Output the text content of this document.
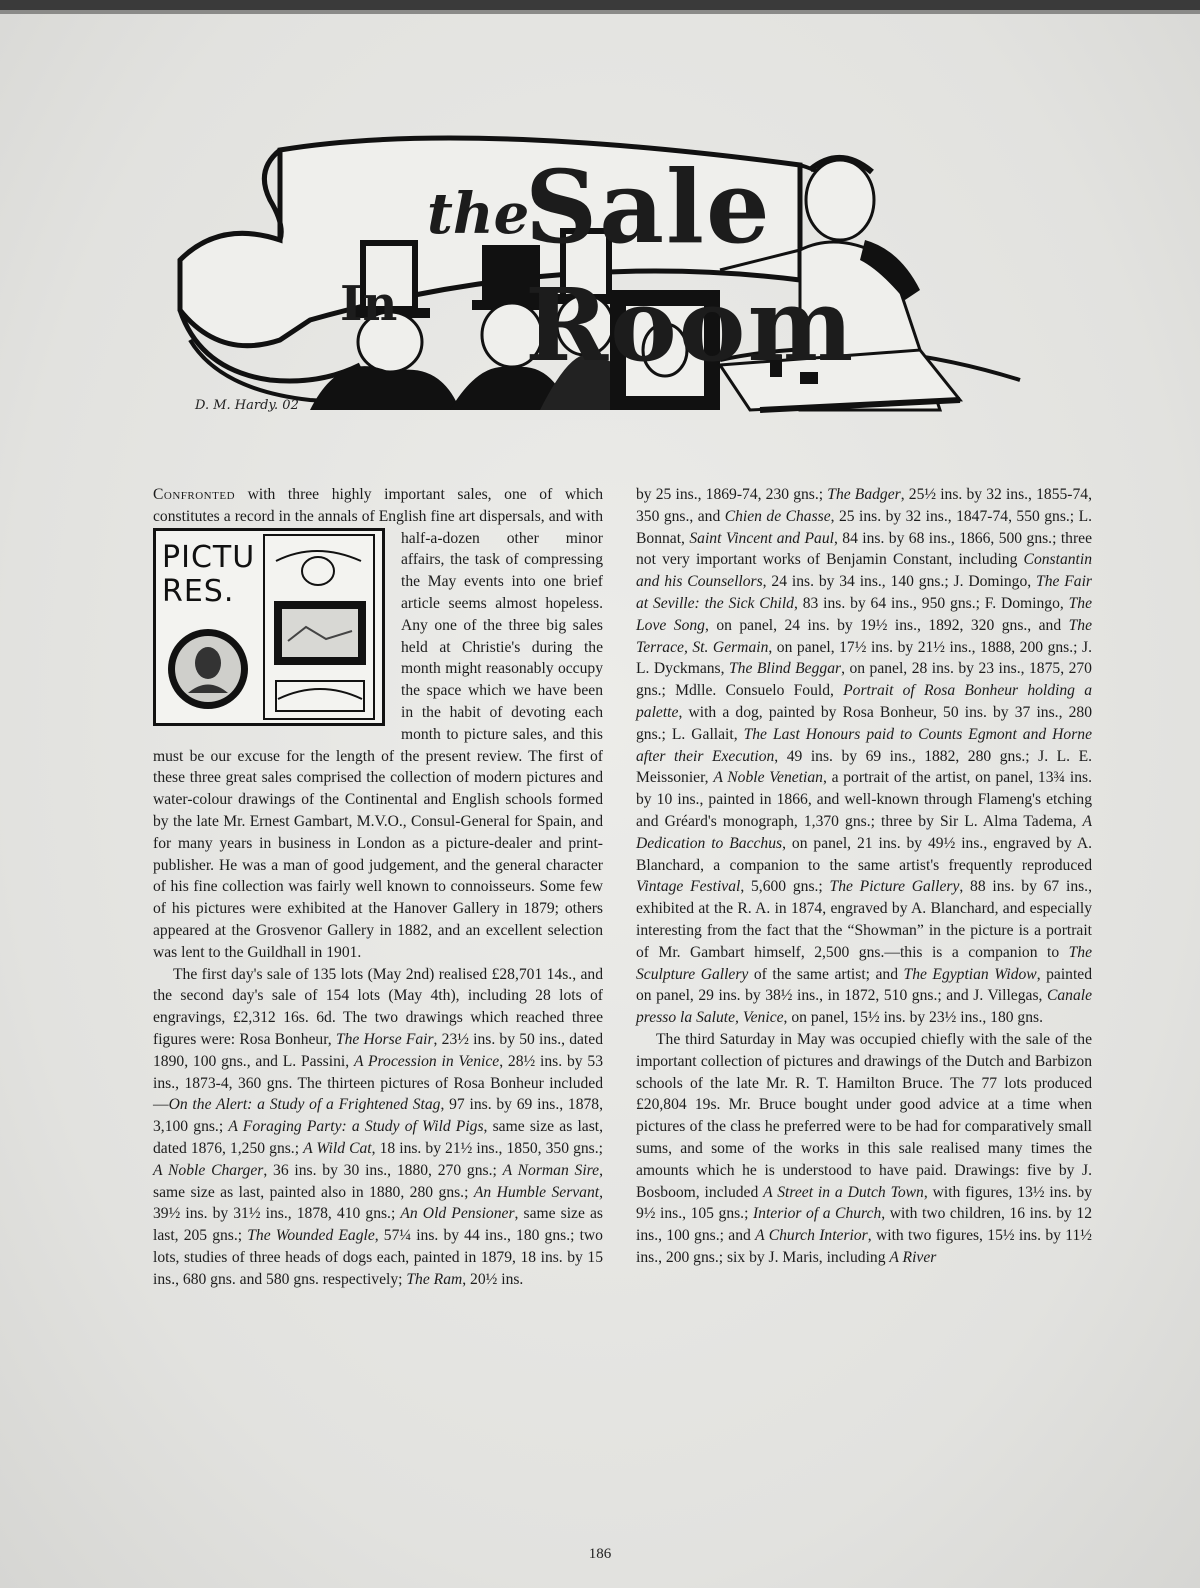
In
the
Sale Room
D. M. Hardy. 02

Confronted with three highly important sales, one of which constitutes a record in the annals of English
PICTU
RES.
fine art dispersals, and with half-a-dozen other minor affairs, the task of compressing the May events into one brief article seems almost hopeless. Any one of the three big sales held at Christie's during the month might reasonably occupy the space which we have been in the habit of devoting each month to picture sales, and this must be our excuse for the length of the present review. The first of these three great sales comprised the collection of modern pictures and water-colour drawings of the Continental and English schools formed by the late Mr. Ernest Gambart, M.V.O., Consul-General for Spain, and for many years in business in London as a picture-dealer and print-publisher. He was a man of good judgement, and the general character of his fine collection was fairly well known to connoisseurs. Some few of his pictures were exhibited at the Hanover Gallery in 1879; others appeared at the Grosvenor Gallery in 1882, and an excellent selection was lent to the Guildhall in 1901.

The first day's sale of 135 lots (May 2nd) realised £28,701 14s., and the second day's sale of 154 lots (May 4th), including 28 lots of engravings, £2,312 16s. 6d. The two drawings which reached three figures were: Rosa Bonheur, The Horse Fair, 23½ ins. by 50 ins., dated 1890, 100 gns., and L. Passini, A Procession in Venice, 28½ ins. by 53 ins., 1873-4, 360 gns. The thirteen pictures of Rosa Bonheur included—On the Alert: a Study of a Frightened Stag, 97 ins. by 69 ins., 1878, 3,100 gns.; A Foraging Party: a Study of Wild Pigs, same size as last, dated 1876, 1,250 gns.; A Wild Cat, 18 ins. by 21½ ins., 1850, 350 gns.; A Noble Charger, 36 ins. by 30 ins., 1880, 270 gns.; A Norman Sire, same size as last, painted also in 1880, 280 gns.; An Humble Servant, 39½ ins. by 31½ ins., 1878, 410 gns.; An Old Pensioner, same size as last, 205 gns.; The Wounded Eagle, 57¼ ins. by 44 ins., 180 gns.; two lots, studies of three heads of dogs each, painted in 1879, 18 ins. by 15 ins., 680 gns. and 580 gns. respectively; The Ram, 20½ ins.

by 25 ins., 1869-74, 230 gns.; The Badger, 25½ ins. by 32 ins., 1855-74, 350 gns., and Chien de Chasse, 25 ins. by 32 ins., 1847-74, 550 gns.; L. Bonnat, Saint Vincent and Paul, 84 ins. by 68 ins., 1866, 500 gns.; three not very important works of Benjamin Constant, including Constantin and his Counsellors, 24 ins. by 34 ins., 140 gns.; J. Domingo, The Fair at Seville: the Sick Child, 83 ins. by 64 ins., 950 gns.; F. Domingo, The Love Song, on panel, 24 ins. by 19½ ins., 1892, 320 gns., and The Terrace, St. Germain, on panel, 17½ ins. by 21½ ins., 1888, 200 gns.; J. L. Dyckmans, The Blind Beggar, on panel, 28 ins. by 23 ins., 1875, 270 gns.; Mdlle. Consuelo Fould, Portrait of Rosa Bonheur holding a palette, with a dog, painted by Rosa Bonheur, 50 ins. by 37 ins., 280 gns.; L. Gallait, The Last Honours paid to Counts Egmont and Horne after their Execution, 49 ins. by 69 ins., 1882, 280 gns.; J. L. E. Meissonier, A Noble Venetian, a portrait of the artist, on panel, 13¾ ins. by 10 ins., painted in 1866, and well-known through Flameng's etching and Gréard's monograph, 1,370 gns.; three by Sir L. Alma Tadema, A Dedication to Bacchus, on panel, 21 ins. by 49½ ins., engraved by A. Blanchard, a companion to the same artist's frequently reproduced Vintage Festival, 5,600 gns.; The Picture Gallery, 88 ins. by 67 ins., exhibited at the R. A. in 1874, engraved by A. Blanchard, and especially interesting from the fact that the “Showman” in the picture is a portrait of Mr. Gambart himself, 2,500 gns.—this is a companion to The Sculpture Gallery of the same artist; and The Egyptian Widow, painted on panel, 29 ins. by 38½ ins., in 1872, 510 gns.; and J. Villegas, Canale presso la Salute, Venice, on panel, 15½ ins. by 23½ ins., 180 gns.

The third Saturday in May was occupied chiefly with the sale of the important collection of pictures and drawings of the Dutch and Barbizon schools of the late Mr. R. T. Hamilton Bruce. The 77 lots produced £20,804 19s. Mr. Bruce bought under good advice at a time when pictures of the class he preferred were to be had for comparatively small sums, and some of the works in this sale realised many times the amounts which he is understood to have paid. Drawings: five by J. Bosboom, included A Street in a Dutch Town, with figures, 13½ ins. by 9½ ins., 105 gns.; Interior of a Church, with two children, 16 ins. by 12 ins., 100 gns.; and A Church Interior, with two figures, 15½ ins. by 11½ ins., 200 gns.; six by J. Maris, including A River

186
